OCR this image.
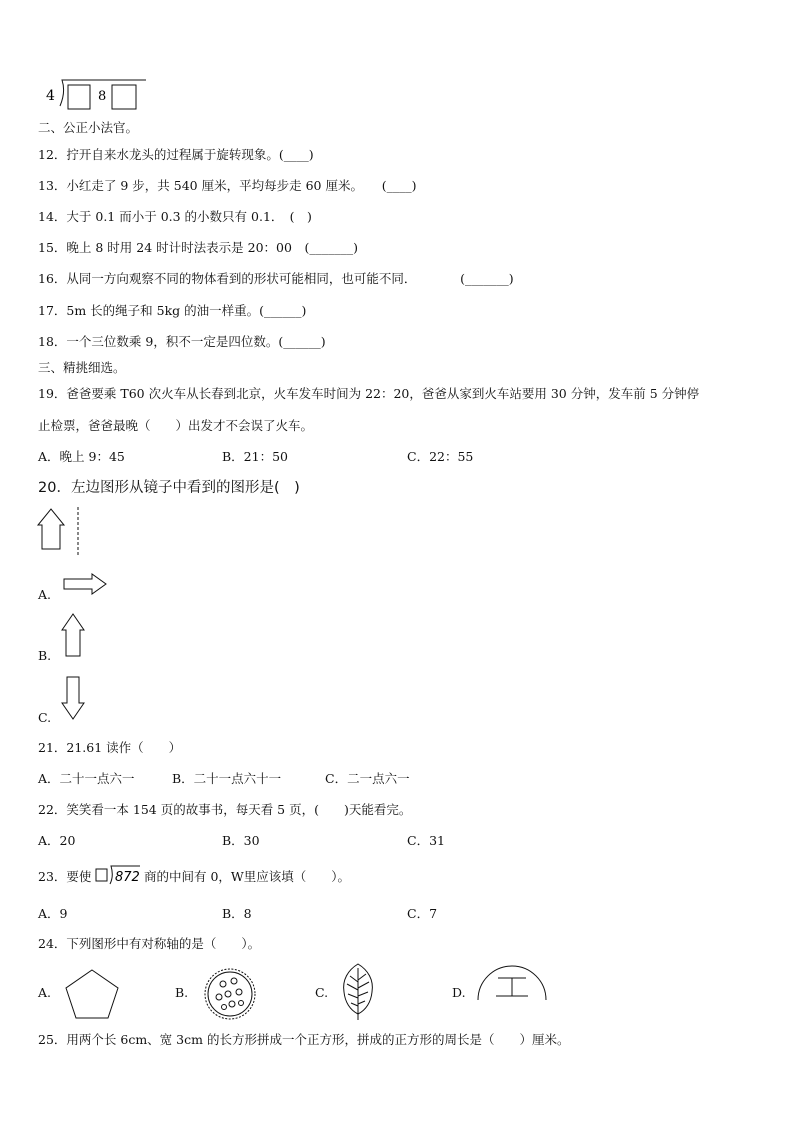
4	8
二、公正小法官。
12．拧开自来水龙头的过程属于旋转现象。(____)
13．小红走了 9 步，共 540 厘米，平均每步走 60 厘米。　　(____)
14．大于 0.1 而小于 0.3 的小数只有 0.1．　(　)
15．晚上 8 时用 24 时计时法表示是 20：00　(_______)
16．从同一方向观察不同的物体看到的形状可能相同，也可能不同．　　　　(_______)
17．5m 长的绳子和 5kg 的油一样重。(______)
18．一个三位数乘 9，积不一定是四位数。(______)
三、精挑细选。
19．爸爸要乘 T60 次火车从长春到北京，火车发车时间为 22：20，爸爸从家到火车站要用 30 分钟，发车前 5 分钟停
止检票，爸爸最晚（　　）出发才不会误了火车。
A．晚上 9：45	B．21：50	C．22：55
20．左边图形从镜子中看到的图形是(　)
A.
B.
C.
21．21.61 读作（　　）
A．二十一点六一	B．二十一点六十一	C．二一点六一
22．笑笑看一本 154 页的故事书，每天看 5 页，(　　)天能看完。
A．20	B．30	C．31
23．要使 872 商的中间有 0，W里应该填（　　）。
A．9	B．8	C．7
24．下列图形中有对称轴的是（　　）。
A.	B.	C.	D.
25．用两个长 6cm、宽 3cm 的长方形拼成一个正方形，拼成的正方形的周长是（　　）厘米。
